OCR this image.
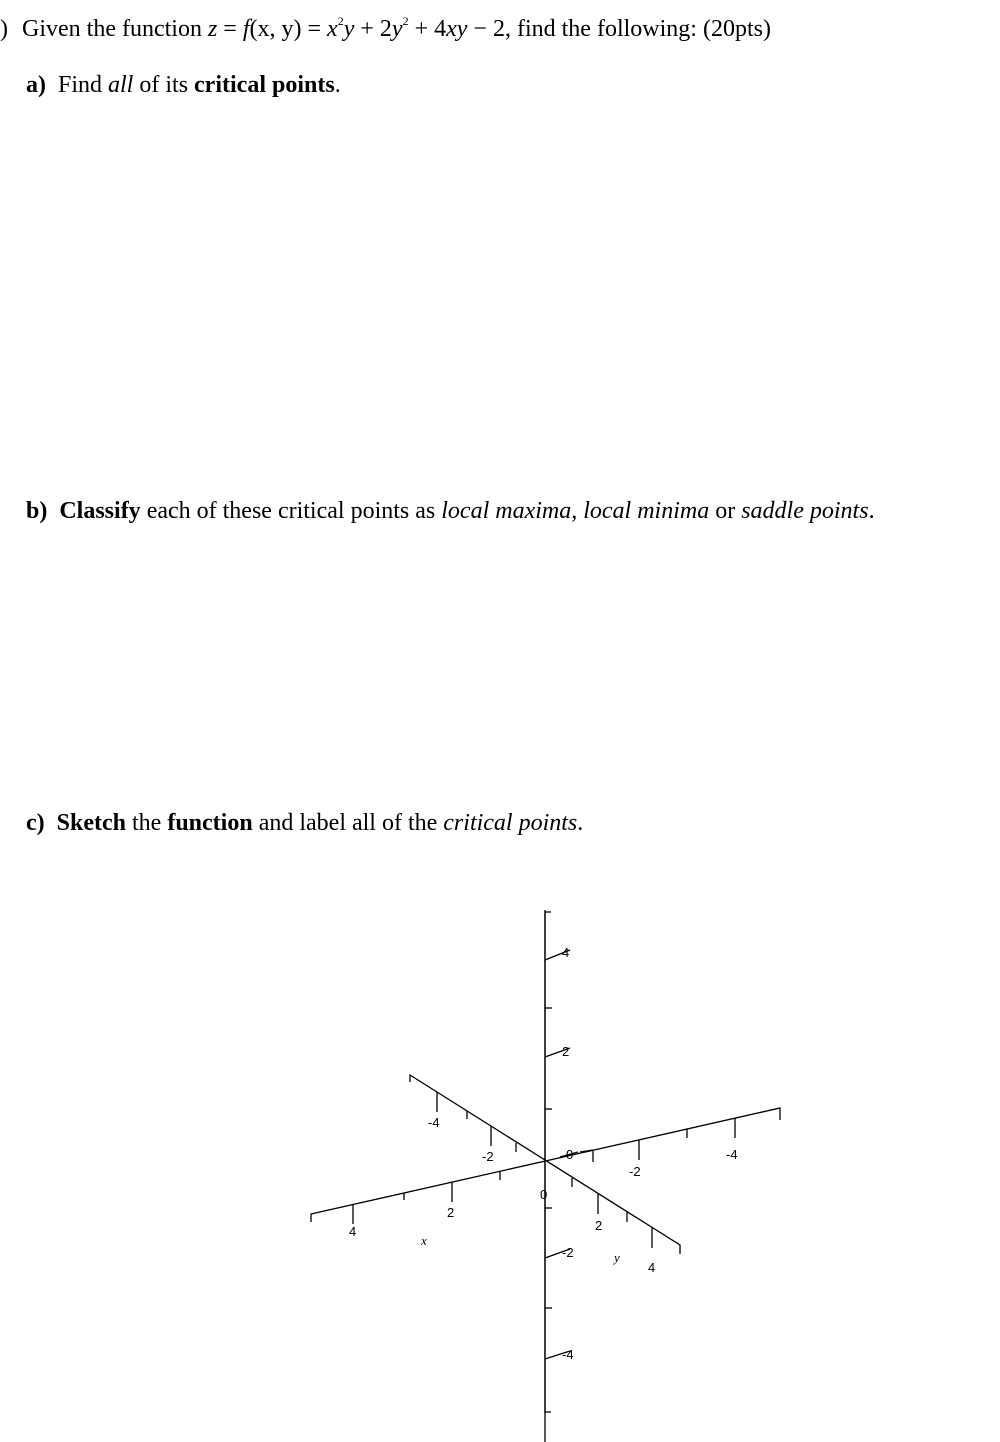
) Given the function z = f(x, $y) = x^2y + 2y^2 + 4xy - 2$, find the following: (20pts)
a) Find all of its critical points.
b) Classify each of these critical points as local maxima, local minima or saddle points.
c) Sketch the function and label all of the critical points.
4
2
-2
-4
0
-4
-2
2
4
x
-4
-2
2
4
y
0
